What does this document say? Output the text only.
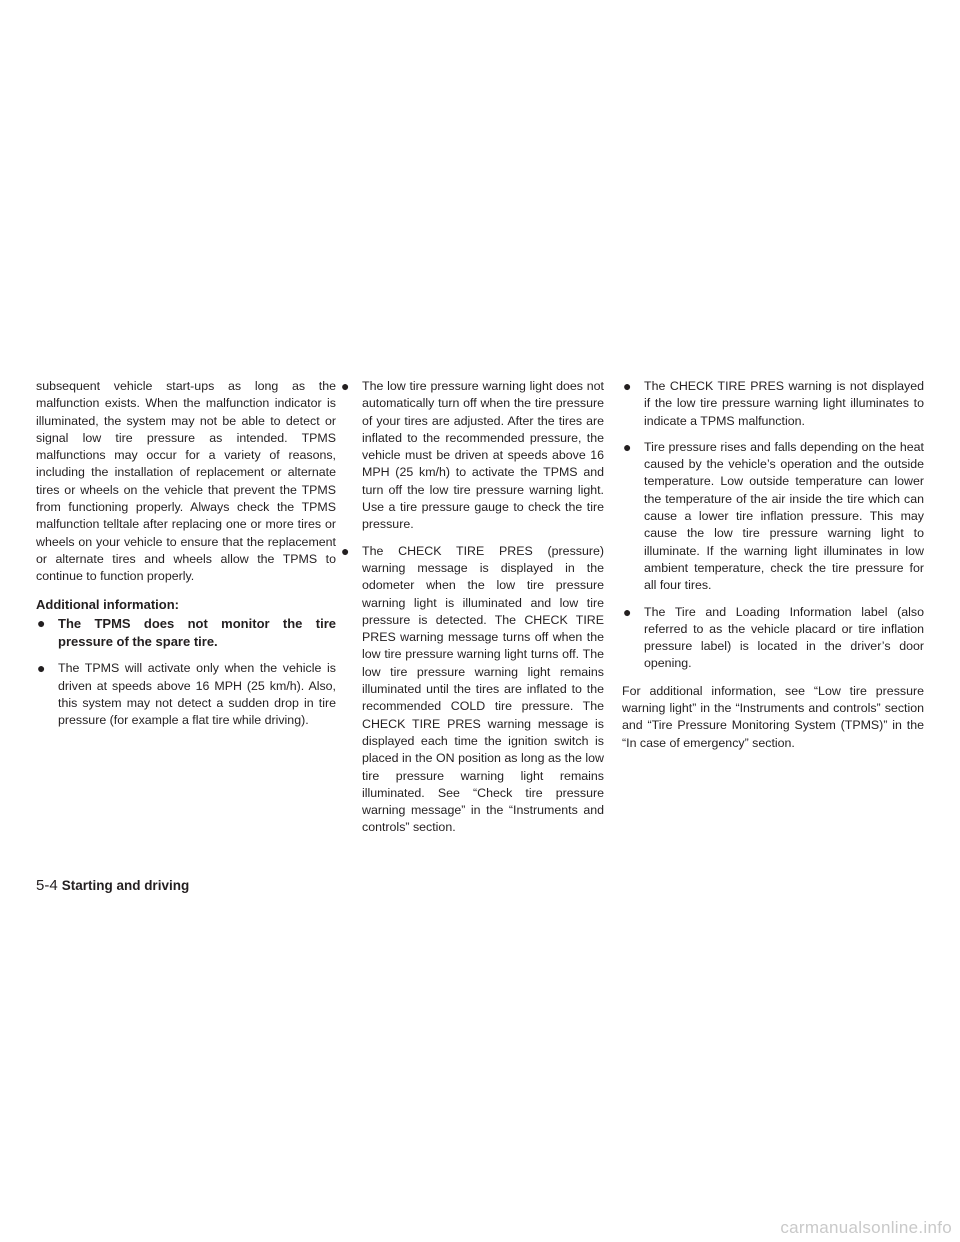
subsequent vehicle start-ups as long as the malfunction exists. When the malfunction indicator is illuminated, the system may not be able to detect or signal low tire pressure as intended. TPMS malfunctions may occur for a variety of reasons, including the installation of replacement or alternate tires or wheels on the vehicle that prevent the TPMS from functioning properly. Always check the TPMS malfunction telltale after replacing one or more tires or wheels on your vehicle to ensure that the replacement or alternate tires and wheels allow the TPMS to continue to function properly.

Additional information:

● The TPMS does not monitor the tire pressure of the spare tire.
● The TPMS will activate only when the vehicle is driven at speeds above 16 MPH (25 km/h). Also, this system may not detect a sudden drop in tire pressure (for example a flat tire while driving).
● The low tire pressure warning light does not automatically turn off when the tire pressure of your tires are adjusted. After the tires are inflated to the recommended pressure, the vehicle must be driven at speeds above 16 MPH (25 km/h) to activate the TPMS and turn off the low tire pressure warning light. Use a tire pressure gauge to check the tire pressure.
● The CHECK TIRE PRES (pressure) warning message is displayed in the odometer when the low tire pressure warning light is illuminated and low tire pressure is detected. The CHECK TIRE PRES warning message turns off when the low tire pressure warning light turns off. The low tire pressure warning light remains illuminated until the tires are inflated to the recommended COLD tire pressure. The CHECK TIRE PRES warning message is displayed each time the ignition switch is placed in the ON position as long as the low tire pressure warning light remains illuminated. See “Check tire pressure warning message” in the “Instruments and controls” section.
● The CHECK TIRE PRES warning is not displayed if the low tire pressure warning light illuminates to indicate a TPMS malfunction.
● Tire pressure rises and falls depending on the heat caused by the vehicle’s operation and the outside temperature. Low outside temperature can lower the temperature of the air inside the tire which can cause a lower tire inflation pressure. This may cause the low tire pressure warning light to illuminate. If the warning light illuminates in low ambient temperature, check the tire pressure for all four tires.
● The Tire and Loading Information label (also referred to as the vehicle placard or tire inflation pressure label) is located in the driver’s door opening.

For additional information, see “Low tire pressure warning light” in the “Instruments and controls” section and “Tire Pressure Monitoring System (TPMS)” in the “In case of emergency” section.

5-4 Starting and driving
carmanualsonline.info
